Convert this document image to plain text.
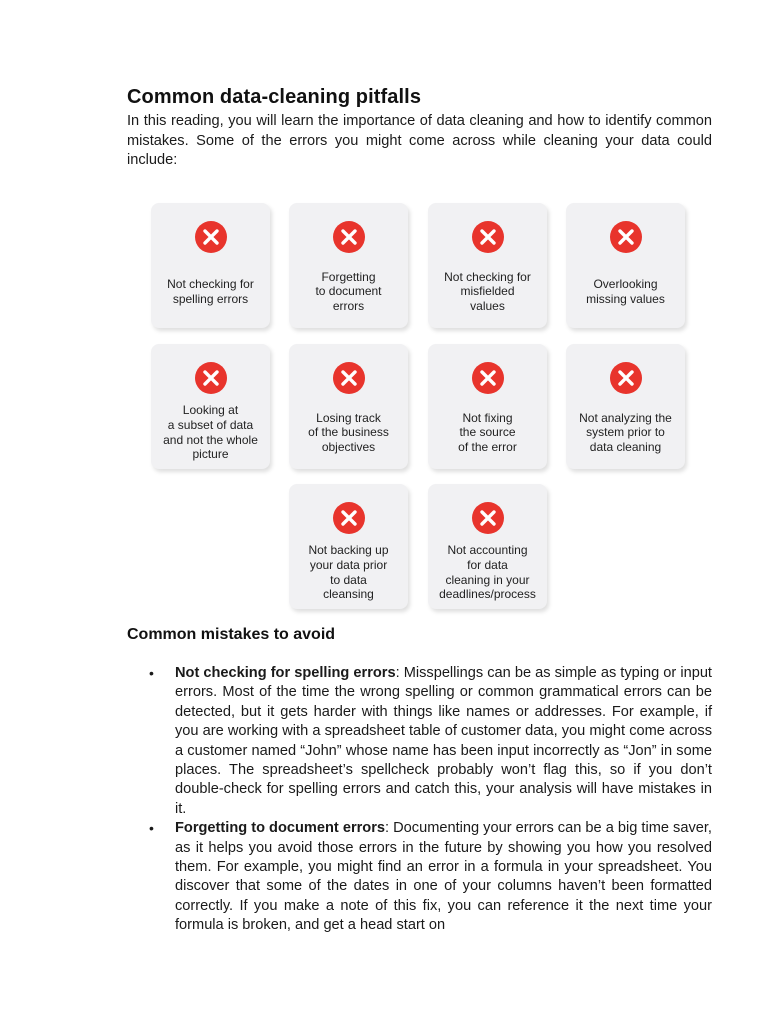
Common data-cleaning pitfalls

In this reading, you will learn the importance of data cleaning and how to identify common mistakes. Some of the errors you might come across while cleaning your data could include:

Not checking for
spelling errors
Forgetting
to document
errors
Not checking for
misfielded
values
Overlooking
missing values
Looking at
a subset of data
and not the whole
picture
Losing track
of the business
objectives
Not fixing
the source
of the error
Not analyzing the
system prior to
data cleaning
Not backing up
your data prior
to data
cleansing
Not accounting
for data
cleaning in your
deadlines/process
Common mistakes to avoid
• Not checking for spelling errors: Misspellings can be as simple as typing or input errors. Most of the time the wrong spelling or common grammatical errors can be detected, but it gets harder with things like names or addresses. For example, if you are working with a spreadsheet table of customer data, you might come across a customer named “John” whose name has been input incorrectly as “Jon” in some places. The spreadsheet’s spellcheck probably won’t flag this, so if you don’t double-check for spelling errors and catch this, your analysis will have mistakes in it.
• Forgetting to document errors: Documenting your errors can be a big time saver, as it helps you avoid those errors in the future by showing you how you resolved them. For example, you might find an error in a formula in your spreadsheet. You discover that some of the dates in one of your columns haven’t been formatted correctly. If you make a note of this fix, you can reference it the next time your formula is broken, and get a head start on
